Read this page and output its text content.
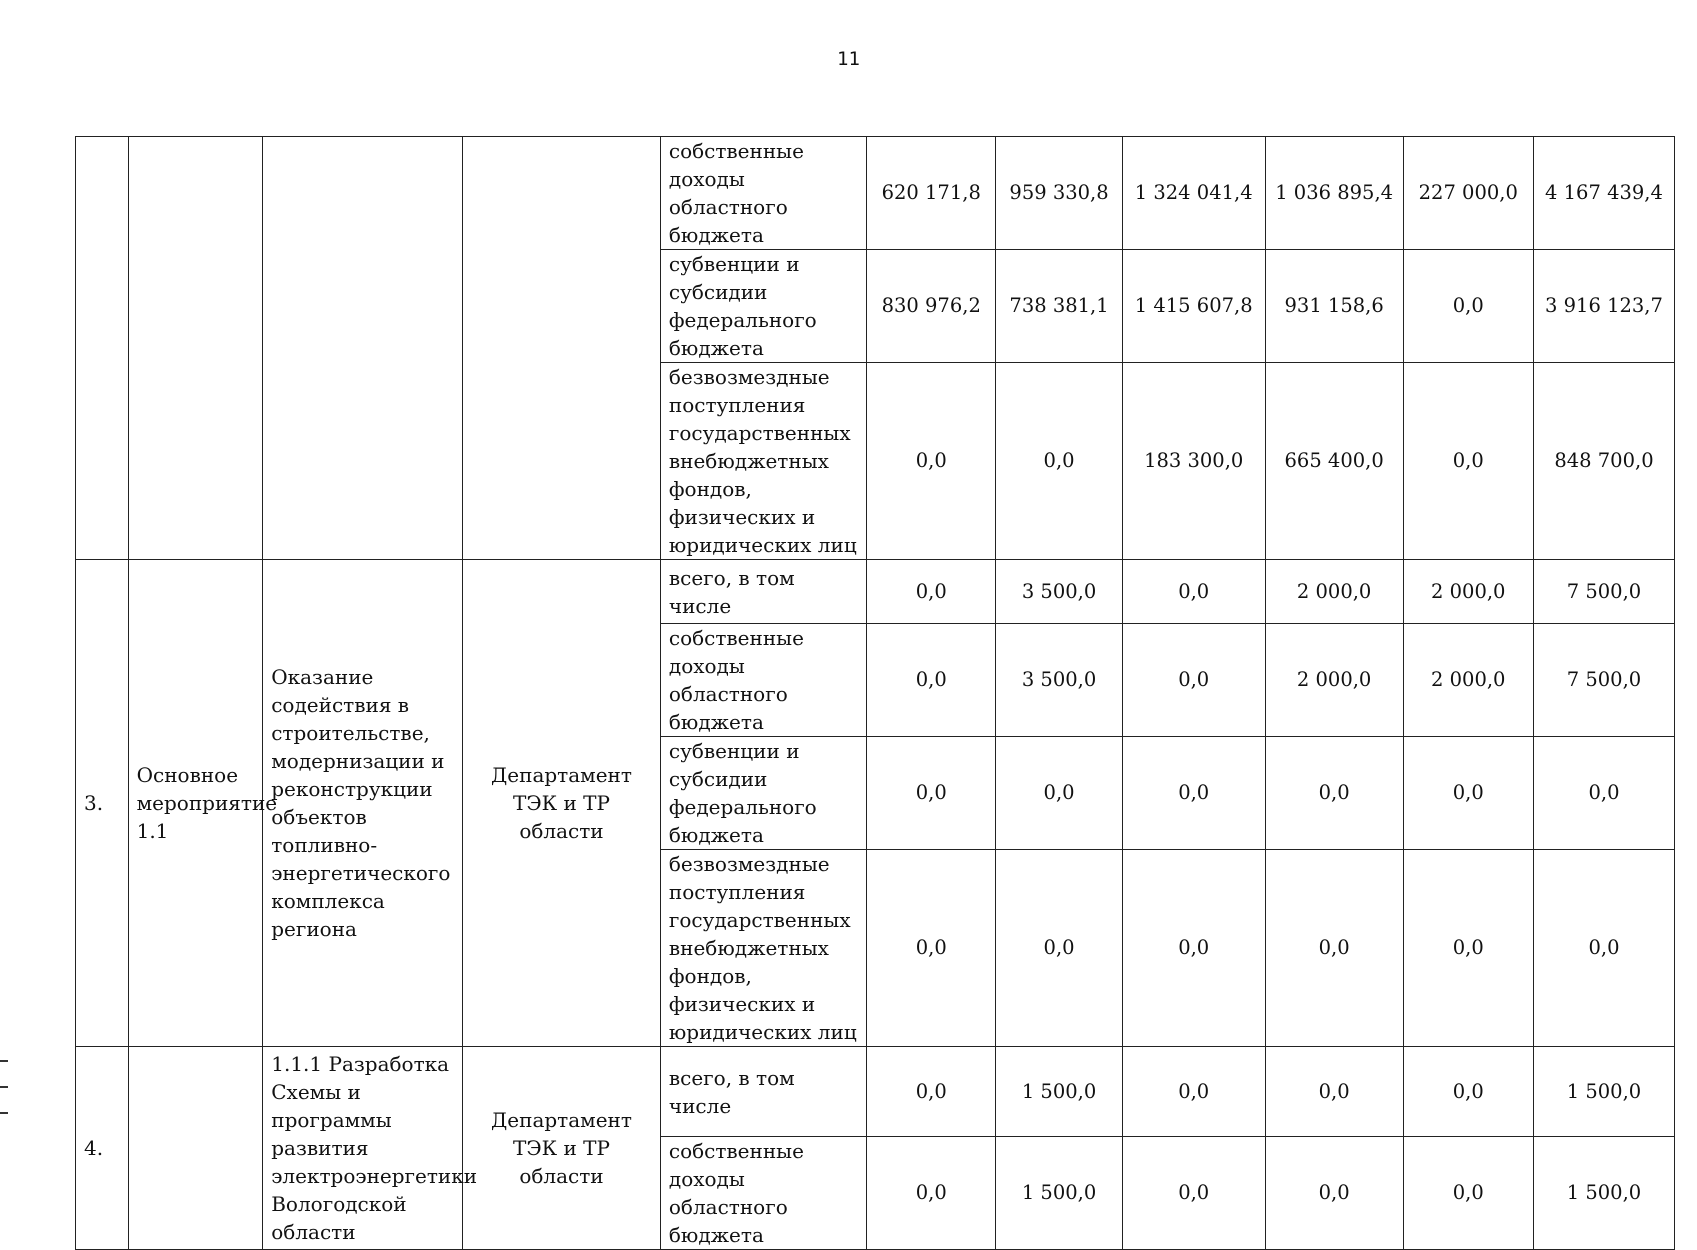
11
				собственные доходы областного бюджета	620 171,8	959 330,8	1 324 041,4	1 036 895,4	227 000,0	4 167 439,4
				субвенции и субсидии федерального бюджета	830 976,2	738 381,1	1 415 607,8	931 158,6	0,0	3 916 123,7
				безвозмездные поступления государственных внебюджетных фондов, физических и юридических лиц	0,0	0,0	183 300,0	665 400,0	0,0	848 700,0
3.	Основное мероприятие 1.1	Оказание содействия в строительстве, модернизации и реконструкции объектов топливно-энергетического комплекса региона	Департамент ТЭК и ТР области	всего, в том числе	0,0	3 500,0	0,0	2 000,0	2 000,0	7 500,0
				собственные доходы областного бюджета	0,0	3 500,0	0,0	2 000,0	2 000,0	7 500,0
				субвенции и субсидии федерального бюджета	0,0	0,0	0,0	0,0	0,0	0,0
				безвозмездные поступления государственных внебюджетных фондов, физических и юридических лиц	0,0	0,0	0,0	0,0	0,0	0,0
4.		1.1.1 Разработка Схемы и программы развития электроэнергетики Вологодской области	Департамент ТЭК и ТР области	всего, в том числе	0,0	1 500,0	0,0	0,0	0,0	1 500,0
				собственные доходы областного бюджета	0,0	1 500,0	0,0	0,0	0,0	1 500,0
